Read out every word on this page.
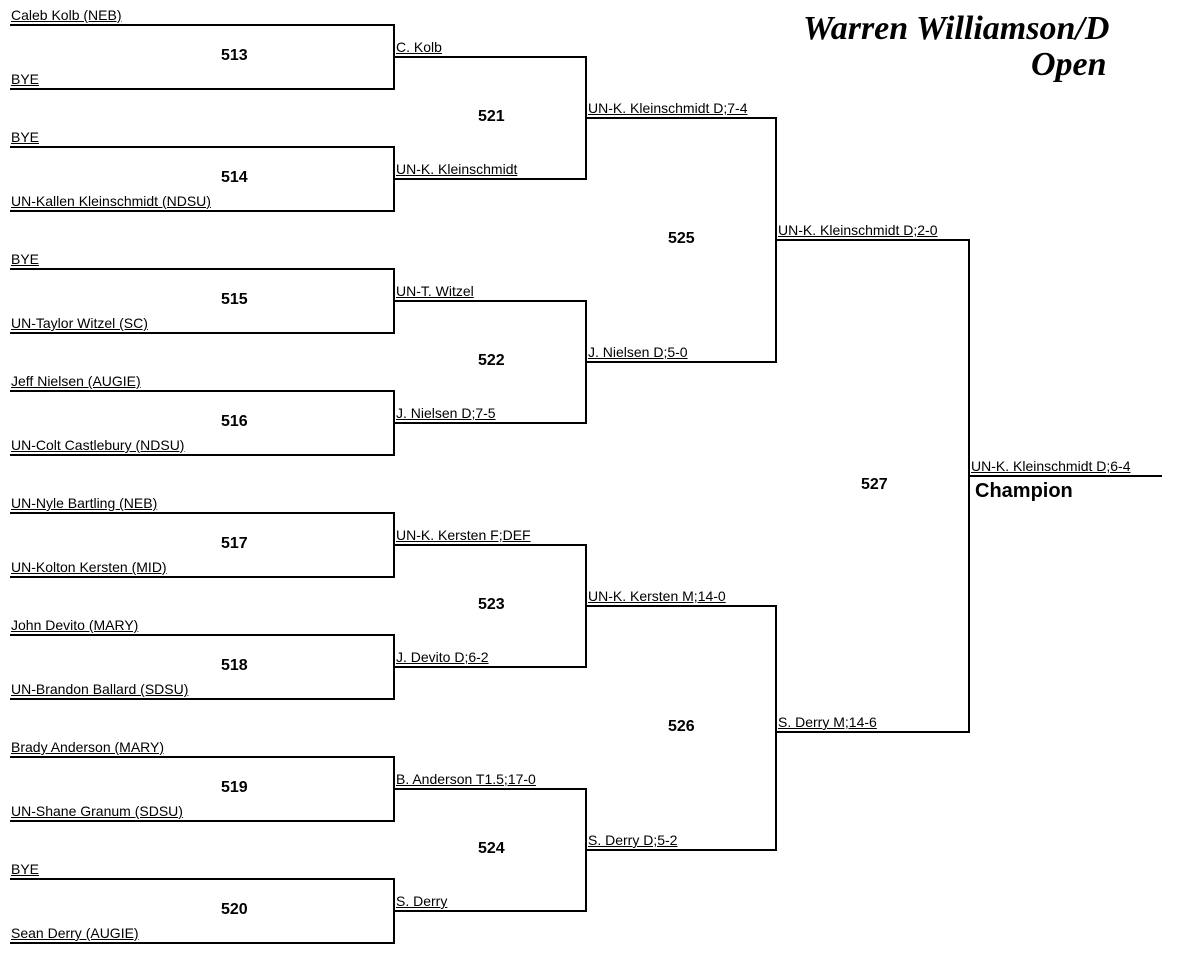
Warren Williamson/D
Open
Caleb Kolb (NEB)
BYE
513
BYE
UN-Kallen Kleinschmidt (NDSU)
514
BYE
UN-Taylor Witzel (SC)
515
Jeff Nielsen (AUGIE)
UN-Colt Castlebury (NDSU)
516
UN-Nyle Bartling (NEB)
UN-Kolton Kersten (MID)
517
John Devito (MARY)
UN-Brandon Ballard (SDSU)
518
Brady Anderson (MARY)
UN-Shane Granum (SDSU)
519
BYE
Sean Derry (AUGIE)
520
C. Kolb
UN-K. Kleinschmidt
521
UN-T. Witzel
J. Nielsen D;7-5
522
UN-K. Kersten F;DEF
J. Devito D;6-2
523
B. Anderson T1.5;17-0
S. Derry
524
UN-K. Kleinschmidt D;7-4
J. Nielsen D;5-0
525
UN-K. Kersten M;14-0
S. Derry D;5-2
526
UN-K. Kleinschmidt D;2-0
S. Derry M;14-6
527
UN-K. Kleinschmidt D;6-4
Champion
